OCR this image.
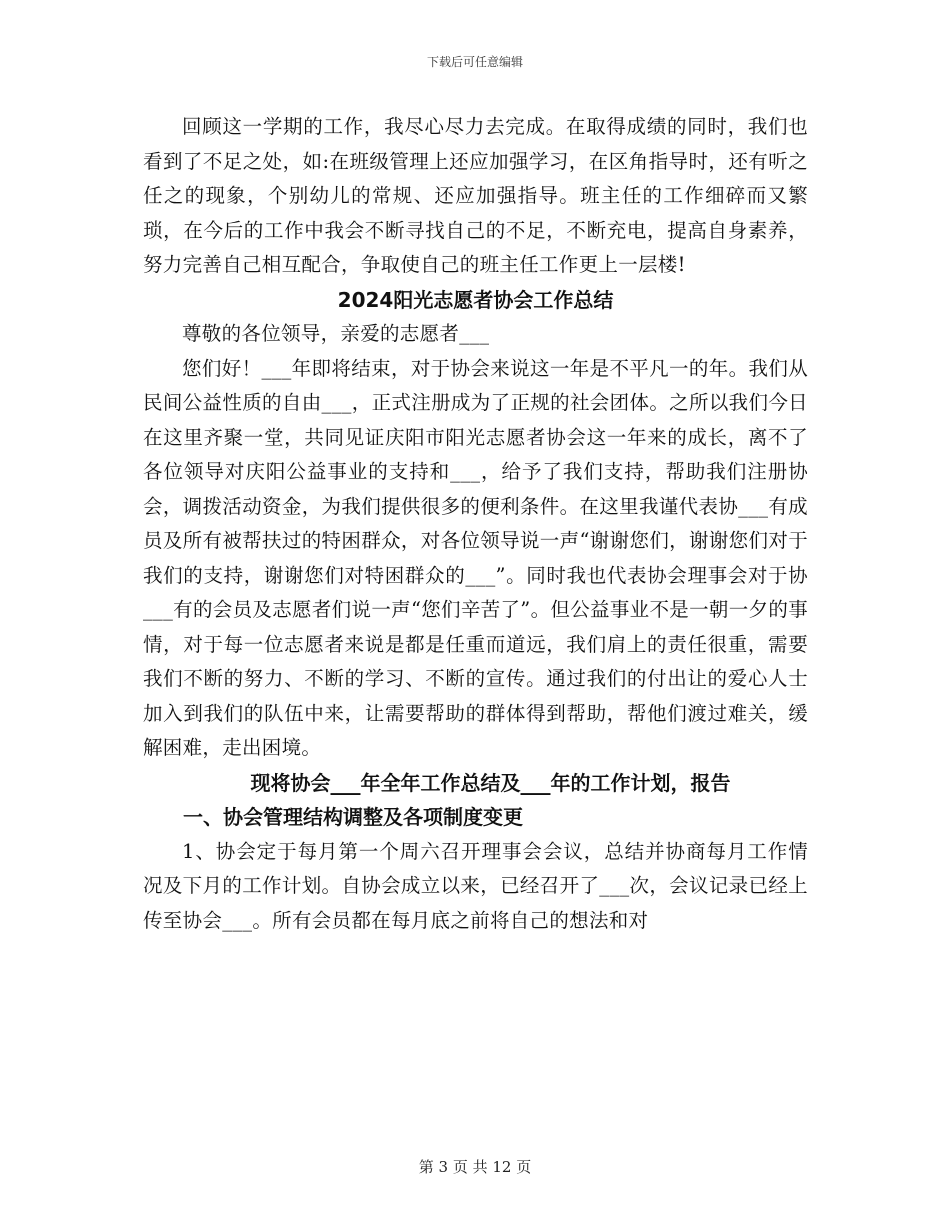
下载后可任意编辑

回顾这一学期的工作，我尽心尽力去完成。在取得成绩的同时，我们也看到了不足之处，如:在班级管理上还应加强学习，在区角指导时，还有听之任之的现象，个别幼儿的常规、还应加强指导。班主任的工作细碎而又繁琐，在今后的工作中我会不断寻找自己的不足，不断充电，提高自身素养，努力完善自己相互配合，争取使自己的班主任工作更上一层楼!

2024阳光志愿者协会工作总结

尊敬的各位领导，亲爱的志愿者___

您们好！___年即将结束，对于协会来说这一年是不平凡一的年。我们从民间公益性质的自由___，正式注册成为了正规的社会团体。之所以我们今日在这里齐聚一堂，共同见证庆阳市阳光志愿者协会这一年来的成长，离不了各位领导对庆阳公益事业的支持和___，给予了我们支持，帮助我们注册协会，调拨活动资金，为我们提供很多的便利条件。在这里我谨代表协___有成员及所有被帮扶过的特困群众，对各位领导说一声“谢谢您们，谢谢您们对于我们的支持，谢谢您们对特困群众的___”。同时我也代表协会理事会对于协___有的会员及志愿者们说一声“您们辛苦了”。但公益事业不是一朝一夕的事情，对于每一位志愿者来说是都是任重而道远，我们肩上的责任很重，需要我们不断的努力、不断的学习、不断的宣传。通过我们的付出让的爱心人士加入到我们的队伍中来，让需要帮助的群体得到帮助，帮他们渡过难关，缓解困难，走出困境。

现将协会___年全年工作总结及___年的工作计划，报告

一、协会管理结构调整及各项制度变更

1、协会定于每月第一个周六召开理事会会议，总结并协商每月工作情况及下月的工作计划。自协会成立以来，已经召开了___次，会议记录已经上传至协会___。所有会员都在每月底之前将自己的想法和对

第 3 页 共 12 页
